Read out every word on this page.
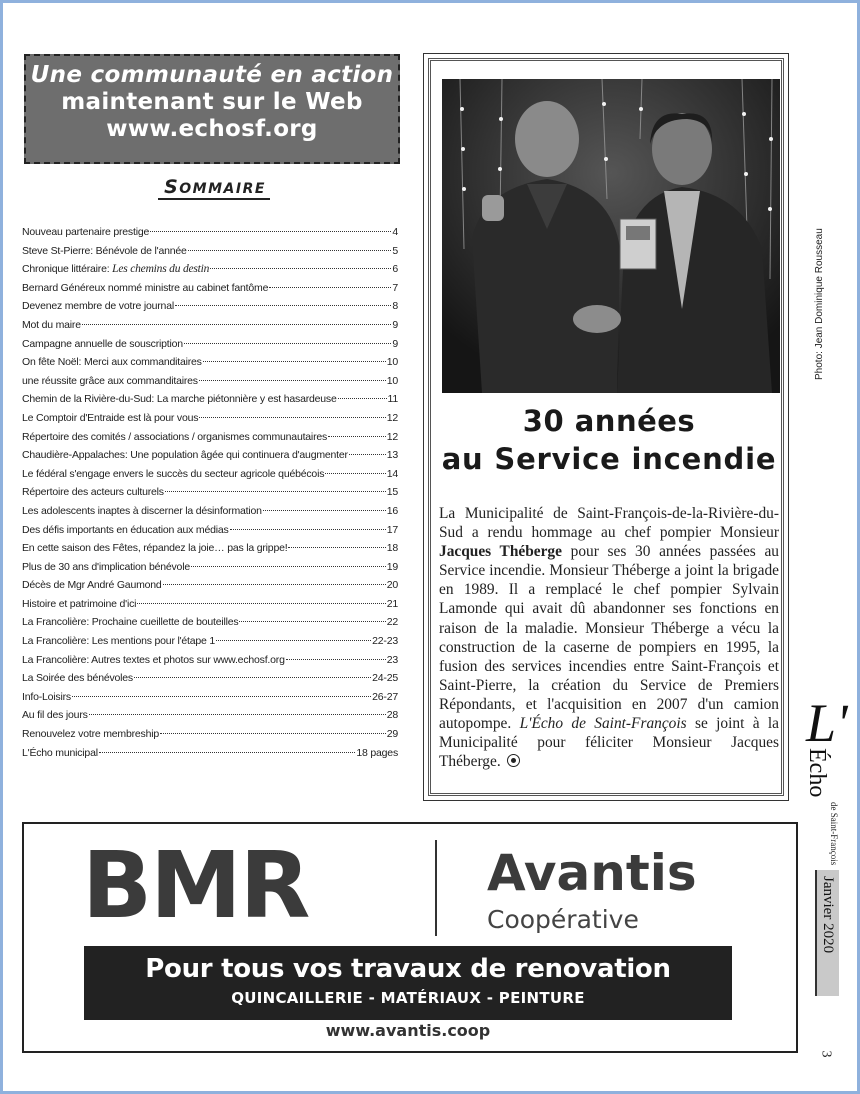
Une communauté en action
maintenant sur le Web
www.echosf.org
SOMMAIRE
Nouveau partenaire prestige	4
Steve St-Pierre: Bénévole de l'année	5
Chronique littéraire: Les chemins du destin	6
Bernard Généreux nommé ministre au cabinet fantôme	7
Devenez membre de votre journal	8
Mot du maire	9
Campagne annuelle de souscription	9
On fête Noël: Merci aux commanditaires	10
une réussite grâce aux commanditaires	10
Chemin de la Rivière-du-Sud: La marche piétonnière y est hasardeuse	11
Le Comptoir d'Entraide est là pour vous	12
Répertoire des comités / associations / organismes communautaires	12
Chaudière-Appalaches: Une population âgée qui continuera d'augmenter	13
Le fédéral s'engage envers le succès du secteur agricole québécois	14
Répertoire des acteurs culturels	15
Les adolescents inaptes à discerner la désinformation	16
Des défis importants en éducation aux médias	17
En cette saison des Fêtes, répandez la joie… pas la grippe!	18
Plus de 30 ans d'implication bénévole	19
Décès de Mgr André Gaumond	20
Histoire et patrimoine d'ici	21
La Francolière: Prochaine cueillette de bouteilles	22
La Francolière: Les mentions pour l'étape 1	22-23
La Francolière: Autres textes et photos sur www.echosf.org	23
La Soirée des bénévoles	24-25
Info-Loisirs	26-27
Au fil des jours	28
Renouvelez votre membreship	29
L'Écho municipal	18 pages
Photo: Jean Dominique Rousseau
30 années
au Service incendie
La Municipalité de Saint-François-de-la-Rivière-du-Sud a rendu hommage au chef pompier Monsieur Jacques Théberge pour ses 30 années passées au Service incendie. Monsieur Théberge a joint la brigade en 1989. Il a remplacé le chef pompier Sylvain Lamonde qui avait dû abandonner ses fonctions en raison de la maladie. Monsieur Théberge a vécu la construction de la caserne de pompiers en 1995, la fusion des services incendies entre Saint-François et Saint-Pierre, la création du Service de Premiers Répondants, et l'acquisition en 2007 d'un camion autopompe. L'Écho de Saint-François se joint à la Municipalité pour féliciter Monsieur Jacques Théberge.
L'
Écho
de Saint-François
Janvier 2020
3
BMR	Avantis
Coopérative
Pour tous vos travaux de renovation
QUINCAILLERIE - MATÉRIAUX - PEINTURE
www.avantis.coop
